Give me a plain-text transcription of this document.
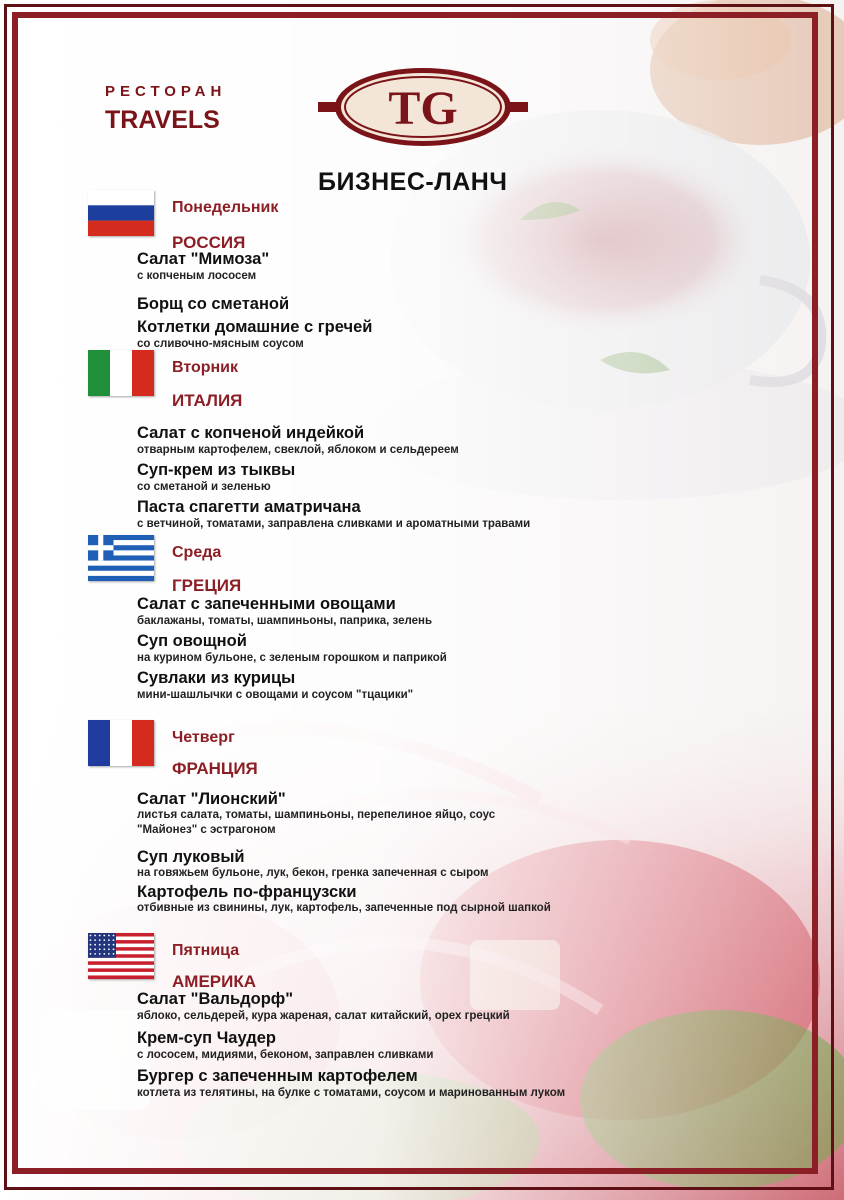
РЕСТОРАН
TRAVELS	TG
БИЗНЕС-ЛАНЧ
Понедельник
РОССИЯ
Салат "Мимоза"
с копченым лососем
Борщ со сметаной
Котлетки домашние с гречей
со сливочно-мясным соусом
Вторник
ИТАЛИЯ
Салат с копченой индейкой
отварным картофелем, свеклой, яблоком и сельдереем
Суп-крем из тыквы
со сметаной и зеленью
Паста спагетти аматричана
с ветчиной, томатами, заправлена сливками и ароматными травами
Среда
ГРЕЦИЯ
Салат с запеченными овощами
баклажаны, томаты, шампиньоны, паприка, зелень
Суп овощной
на курином бульоне, с зеленым горошком и паприкой
Сувлаки из курицы
мини-шашлычки с овощами и соусом "тцацики"
Четверг
ФРАНЦИЯ
Салат "Лионский"
листья салата, томаты, шампиньоны, перепелиное яйцо, соус
"Майонез" с эстрагоном
Суп луковый
на говяжьем бульоне, лук, бекон, гренка запеченная с сыром
Картофель по-французски
отбивные из свинины, лук, картофель, запеченные под сырной шапкой
Пятница
АМЕРИКА
Салат "Вальдорф"
яблоко, сельдерей, кура жареная, салат китайский, орех грецкий
Крем-суп Чаудер
с лососем, мидиями, беконом, заправлен сливками
Бургер с запеченным картофелем
котлета из телятины, на булке с томатами, соусом и маринованным луком
